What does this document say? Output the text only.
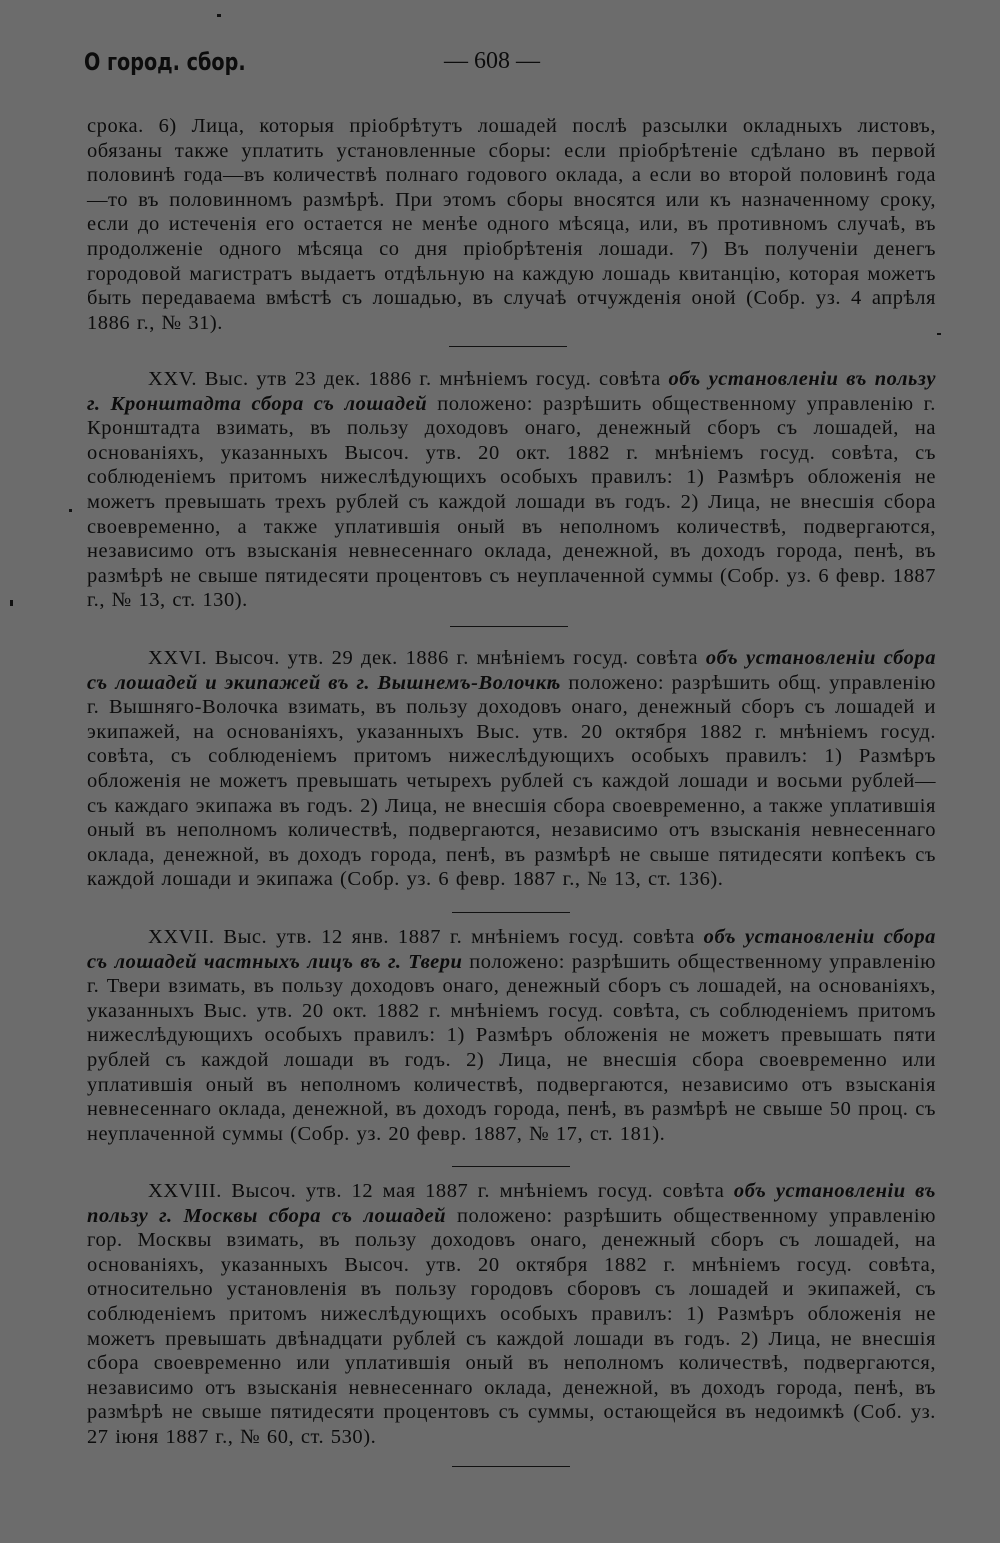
О город. сбор.	— 608 —
срока. 6) Лица, которыя пріобрѣтутъ лошадей послѣ разсылки окладныхъ листовъ, обязаны также уплатить установленные сборы: если пріобрѣтеніе сдѣлано въ первой половинѣ года—въ количествѣ полнаго годового оклада, а если во второй половинѣ года—то въ половинномъ размѣрѣ. При этомъ сборы вносятся или къ назначенному сроку, если до истеченія его остается не менѣе одного мѣсяца, или, въ противномъ случаѣ, въ продолженіе одного мѣсяца со дня пріобрѣтенія лошади. 7) Въ полученіи денегъ городовой магистратъ выдаетъ отдѣльную на каждую лошадь квитанцію, которая можетъ быть передаваема вмѣстѣ съ лошадью, въ случаѣ отчужденія оной (Собр. уз. 4 апрѣля 1886 г., № 31).
XXV. Выс. утв 23 дек. 1886 г. мнѣніемъ госуд. совѣта объ установленіи въ пользу г. Кронштадта сбора съ лошадей положено: разрѣшить общественному управленію г. Кронштадта взимать, въ пользу доходовъ онаго, денежный сборъ съ лошадей, на основаніяхъ, указанныхъ Высоч. утв. 20 окт. 1882 г. мнѣніемъ госуд. совѣта, съ соблюденіемъ притомъ нижеслѣдующихъ особыхъ правилъ: 1) Размѣръ обложенія не можетъ превышать трехъ рублей съ каждой лошади въ годъ. 2) Лица, не внесшія сбора своевременно, а также уплатившія оный въ неполномъ количествѣ, подвергаются, независимо отъ взысканія невнесеннаго оклада, денежной, въ доходъ города, пенѣ, въ размѣрѣ не свыше пятидесяти процентовъ съ неуплаченной суммы (Собр. уз. 6 февр. 1887 г., № 13, ст. 130).
XXVI. Высоч. утв. 29 дек. 1886 г. мнѣніемъ госуд. совѣта объ установленіи сбора съ лошадей и экипажей въ г. Вышнемъ-Волочкѣ положено: разрѣшить общ. управленію г. Вышняго-Волочка взимать, въ пользу доходовъ онаго, денежный сборъ съ лошадей и экипажей, на основаніяхъ, указанныхъ Выс. утв. 20 октября 1882 г. мнѣніемъ госуд. совѣта, съ соблюденіемъ притомъ нижеслѣдующихъ особыхъ правилъ: 1) Размѣръ обложенія не можетъ превышать четырехъ рублей съ каждой лошади и восьми рублей—съ каждаго экипажа въ годъ. 2) Лица, не внесшія сбора своевременно, а также уплатившія оный въ неполномъ количествѣ, подвергаются, независимо отъ взысканія невнесеннаго оклада, денежной, въ доходъ города, пенѣ, въ размѣрѣ не свыше пятидесяти копѣекъ съ каждой лошади и экипажа (Собр. уз. 6 февр. 1887 г., № 13, ст. 136).
XXVII. Выс. утв. 12 янв. 1887 г. мнѣніемъ госуд. совѣта объ установленіи сбора съ лошадей частныхъ лицъ въ г. Твери положено: разрѣшить общественному управленію г. Твери взимать, въ пользу доходовъ онаго, денежный сборъ съ лошадей, на основаніяхъ, указанныхъ Выс. утв. 20 окт. 1882 г. мнѣніемъ госуд. совѣта, съ соблюденіемъ притомъ нижеслѣдующихъ особыхъ правилъ: 1) Размѣръ обложенія не можетъ превышать пяти рублей съ каждой лошади въ годъ. 2) Лица, не внесшія сбора своевременно или уплатившія оный въ неполномъ количествѣ, подвергаются, независимо отъ взысканія невнесеннаго оклада, денежной, въ доходъ города, пенѣ, въ размѣрѣ не свыше 50 проц. съ неуплаченной суммы (Собр. уз. 20 февр. 1887, № 17, ст. 181).
XXVIII. Высоч. утв. 12 мая 1887 г. мнѣніемъ госуд. совѣта объ установленіи въ пользу г. Москвы сбора съ лошадей положено: разрѣшить общественному управленію гор. Москвы взимать, въ пользу доходовъ онаго, денежный сборъ съ лошадей, на основаніяхъ, указанныхъ Высоч. утв. 20 октября 1882 г. мнѣніемъ госуд. совѣта, относительно установленія въ пользу городовъ сборовъ съ лошадей и экипажей, съ соблюденіемъ притомъ нижеслѣдующихъ особыхъ правилъ: 1) Размѣръ обложенія не можетъ превышать двѣнадцати рублей съ каждой лошади въ годъ. 2) Лица, не внесшія сбора своевременно или уплатившія оный въ неполномъ количествѣ, подвергаются, независимо отъ взысканія невнесеннаго оклада, денежной, въ доходъ города, пенѣ, въ размѣрѣ не свыше пятидесяти процентовъ съ суммы, остающейся въ недоимкѣ (Соб. уз. 27 іюня 1887 г., № 60, ст. 530).
